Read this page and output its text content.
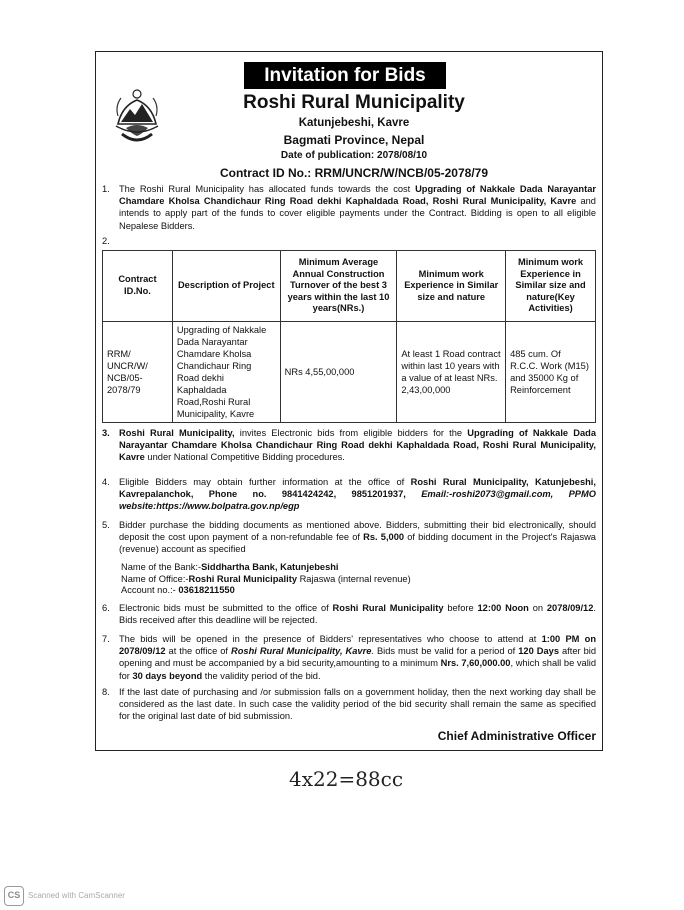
Invitation for Bids
Roshi Rural Municipality
Katunjebeshi, Kavre
Bagmati Province, Nepal
Date of publication: 2078/08/10
Contract ID No.: RRM/UNCR/W/NCB/05-2078/79
1. The Roshi Rural Municipality has allocated funds towards the cost Upgrading of Nakkale Dada Narayantar Chamdare Kholsa Chandichaur Ring Road dekhi Kaphaldada Road, Roshi Rural Municipality, Kavre and intends to apply part of the funds to cover eligible payments under the Contract. Bidding is open to all eligible Nepalese Bidders.
2.
Contract ID.No.	Description of Project	Minimum Average Annual Construction Turnover of the best 3 years within the last 10 years(NRs.)	Minimum work Experience in Similar size and nature	Minimum work Experience in Similar size and nature(Key Activities)
RRM/ UNCR/W/ NCB/05- 2078/79	Upgrading of Nakkale Dada Narayantar Chamdare Kholsa Chandichaur Ring Road dekhi Kaphaldada Road,Roshi Rural Municipality, Kavre	NRs 4,55,00,000	At least 1 Road contract within last 10 years with a value of at least NRs. 2,43,00,000	485 cum. Of R.C.C. Work (M15) and 35000 Kg of Reinforcement
3. Roshi Rural Municipality, invites Electronic bids from eligible bidders for the Upgrading of Nakkale Dada Narayantar Chamdare Kholsa Chandichaur Ring Road dekhi Kaphaldada Road, Roshi Rural Municipality, Kavre under National Competitive Bidding procedures.
4. Eligible Bidders may obtain further information at the office of Roshi Rural Municipality, Katunjebeshi, Kavrepalanchok, Phone no. 9841424242, 9851201937, Email:-roshi2073@gmail.com, PPMO website:https://www.bolpatra.gov.np/egp
5. Bidder purchase the bidding documents as mentioned above. Bidders, submitting their bid electronically, should deposit the cost upon payment of a non-refundable fee of Rs. 5,000 of bidding document in the Project's Rajaswa (revenue) account as specified
Name of the Bank:-Siddhartha Bank, Katunjebeshi
Name of Office:-Roshi Rural Municipality Rajaswa (internal revenue)
Account no.:- 03618211550
6. Electronic bids must be submitted to the office of Roshi Rural Municipality before 12:00 Noon on 2078/09/12. Bids received after this deadline will be rejected.
7. The bids will be opened in the presence of Bidders' representatives who choose to attend at 1:00 PM on 2078/09/12 at the office of Roshi Rural Municipality, Kavre. Bids must be valid for a period of 120 Days after bid opening and must be accompanied by a bid security,amounting to a minimum Nrs. 7,60,000.00, which shall be valid for 30 days beyond the validity period of the bid.
8. If the last date of purchasing and /or submission falls on a government holiday, then the next working day shall be considered as the last date. In such case the validity period of the bid security shall remain the same as specified for the original last date of bid submission.
Chief Administrative Officer
4x22=88cc
CS Scanned with CamScanner
